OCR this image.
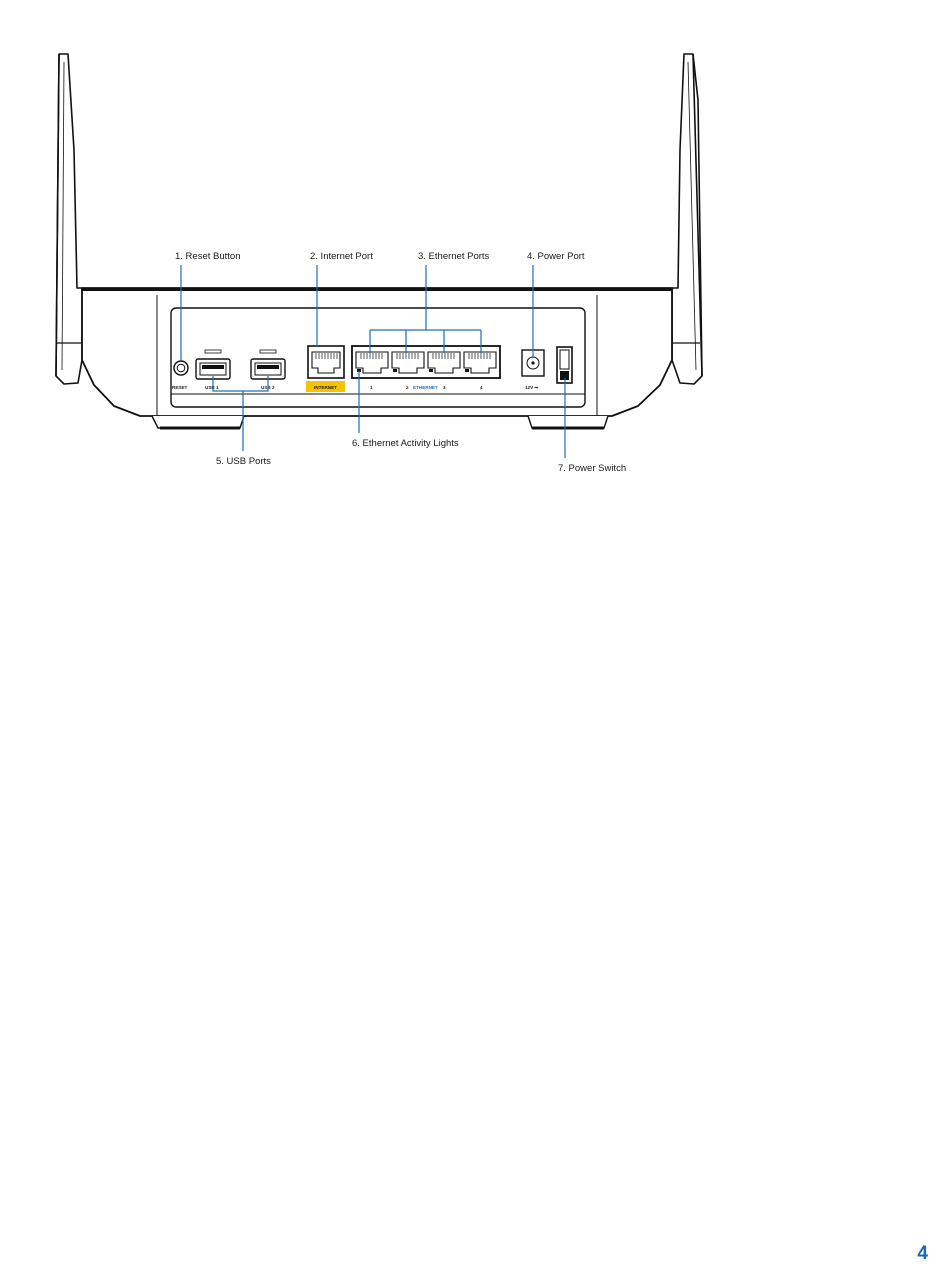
RESET	USB 1	USB 2	INTERNET	1	2 ETHERNET 3	4	12V ⎓
1. Reset Button	2. Internet Port	3. Ethernet Ports	4. Power Port
5. USB Ports
6. Ethernet Activity Lights
7. Power Switch
4
